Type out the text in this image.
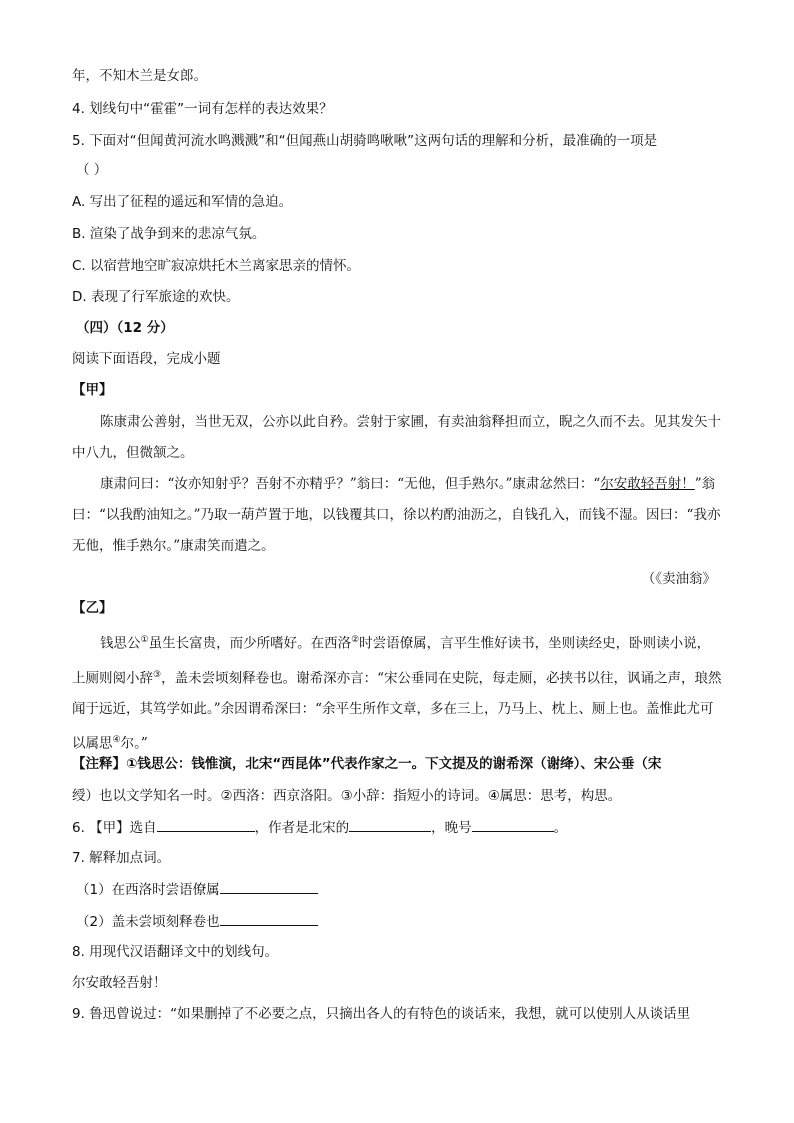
年，不知木兰是女郎。
4. 划线句中“霍霍”一词有怎样的表达效果？
5. 下面对“但闻黄河流水鸣溅溅”和“但闻燕山胡骑鸣啾啾”这两句话的理解和分析，最准确的一项是
（ ）
A. 写出了征程的遥远和军情的急迫。
B. 渲染了战争到来的悲凉气氛。
C. 以宿营地空旷寂凉烘托木兰离家思亲的情怀。
D. 表现了行军旅途的欢快。
（四）（12 分）
阅读下面语段，完成小题
【甲】
陈康肃公善射，当世无双，公亦以此自矜。尝射于家圃，有卖油翁释担而立，睨之久而不去。见其发矢十中八九，但微颔之。
康肃问曰：“汝亦知射乎？吾射不亦精乎？”翁曰：“无他，但手熟尔。”康肃忿然曰：“尔安敢轻吾射！”翁曰：“以我酌油知之。”乃取一葫芦置于地，以钱覆其口，徐以杓酌油沥之，自钱孔入，而钱不湿。因曰：“我亦无他，惟手熟尔。”康肃笑而遣之。
（《卖油翁》
【乙】
钱思公①虽生长富贵，而少所嗜好。在西洛②时尝语僚属，言平生惟好读书，坐则读经史，卧则读小说，上厕则阅小辞③，盖未尝顷刻释卷也。谢希深亦言：“宋公垂同在史院，每走厕，必挟书以往，讽诵之声，琅然闻于远近，其笃学如此。”余因谓希深曰：“余平生所作文章，多在三上，乃马上、枕上、厕上也。盖惟此尤可以属思④尔。”
【注释】①钱思公：钱惟演，北宋“西昆体”代表作家之一。下文提及的谢希深（谢绛）、宋公垂（宋
绶）也以文学知名一时。②西洛：西京洛阳。③小辞：指短小的诗词。④属思：思考，构思。
6. 【甲】选自	，作者是北宋的	，晚号	。
7. 解释加点词。
（1）在西洛时尝语僚属
（2）盖未尝顷刻释卷也
8. 用现代汉语翻译文中的划线句。
尔安敢轻吾射！
9. 鲁迅曾说过：“如果删掉了不必要之点，只摘出各人的有特色的谈话来，我想，就可以使别人从谈话里
